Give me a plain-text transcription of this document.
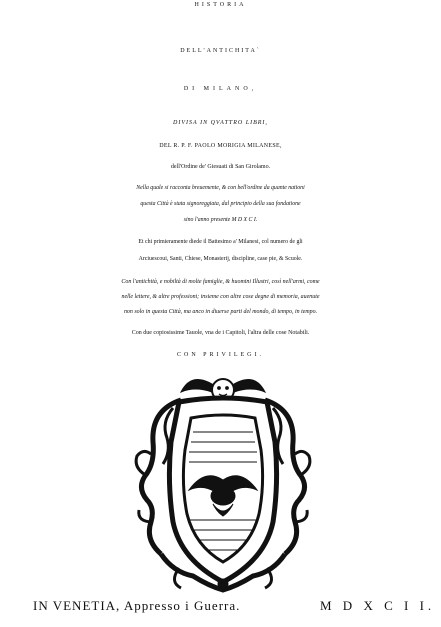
HISTORIA
DELL'ANTICHITA`
DI MILANO,
DIVISA IN QVATTRO LIBRI,
DEL R. P. F. PAOLO MORIGIA MILANESE,
dell'Ordine de' Giesuati di San Girolamo.
Nella quale si racconta breuemente, & con bell'ordine da quante nationi
questa Città è stata signoreggiata, dal principio della sua fondatione
sino l'anno presente M D X C I.
Et chi primieramente diede il Battesimo a' Milanesi, col numero de gli
Arciuescoui, Santi, Chiese, Monasterij, discipline, case pie, & Scuole.
Con l'antichità, e nobiltà di molte famiglie, & huomini Illustri, così nell'armi, come
nelle lettere, & altre professioni; insieme con altre cose degne di memoria, auenute
non solo in questa Città, ma anco in diuerse parti del mondo, di tempo, in tempo.
Con due copiosissime Tauole, vna de i Capitoli, l'altra delle cose Notabili.
CON PRIVILEGI.
IN VENETIA, Appresso i Guerra.	M D X C I I.
